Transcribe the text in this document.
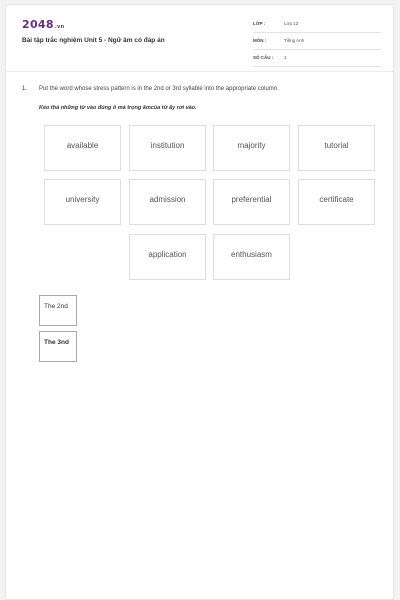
2048.vn
Bài tập trắc nghiệm Unit 5 - Ngữ âm có đáp án
LỚP :	Lớp 12
MÔN :	Tiếng Anh
SỐ CÂU : 1
1. Put the word whose stress pattern is in the 2nd or 3rd syllable into the appropriate column.
Kéo thả những từ vào đúng ô mà trọng âmcủa từ ấy rơi vào.
available	institution	majority	tutorial
university	admission	preferential	certificate
application	enthusiasm
The 2nd
The 3nd
